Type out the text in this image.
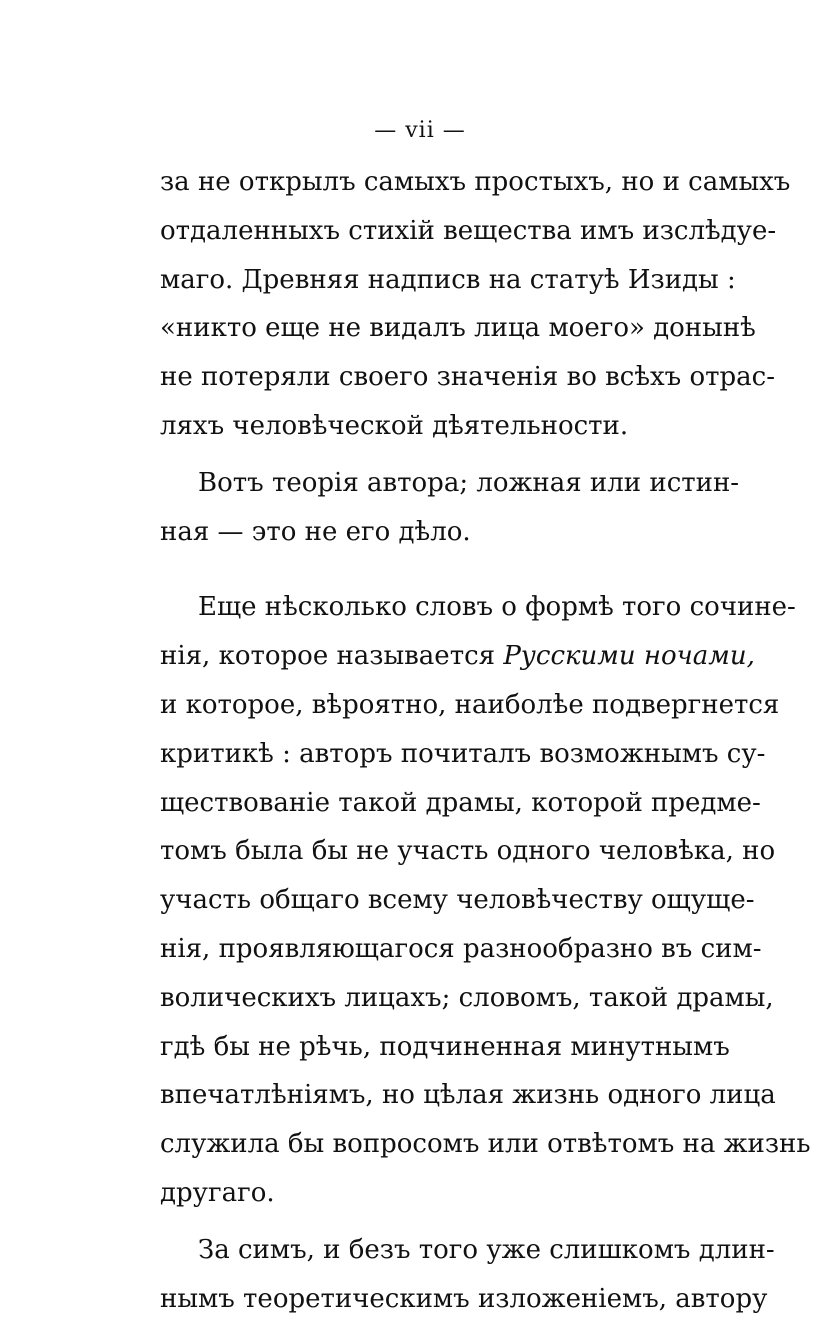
— vii —
за не открылъ самыхъ простыхъ, но и самыхъ
отдаленныхъ стихій вещества имъ изслѣдуе-
маго. Древняя надписв на статуѣ Изиды :
«никто еще не видалъ лица моего» донынѣ
не потеряли своего значенія во всѣхъ отрас-
ляхъ человѣческой дѣятельности.
Вотъ теорія автора; ложная или истин-
ная — это не его дѣло.
Еще нѣсколько словъ о формѣ того сочине-
нія, которое называется Русскими ночами,
и которое, вѣроятно, наиболѣе подвергнется
критикѣ : авторъ почиталъ возможнымъ су-
ществованіе такой драмы, которой предме-
томъ была бы не участь одного человѣка, но
участь общаго всему человѣчеству ощуще-
нія, проявляющагося разнообразно въ сим-
волическихъ лицахъ; словомъ, такой драмы,
гдѣ бы не рѣчь, подчиненная минутнымъ
впечатлѣніямъ, но цѣлая жизнь одного лица
служила бы вопросомъ или отвѣтомъ на жизнь
другаго.
За симъ, и безъ того уже слишкомъ длин-
нымъ теоретическимъ изложеніемъ, автору
